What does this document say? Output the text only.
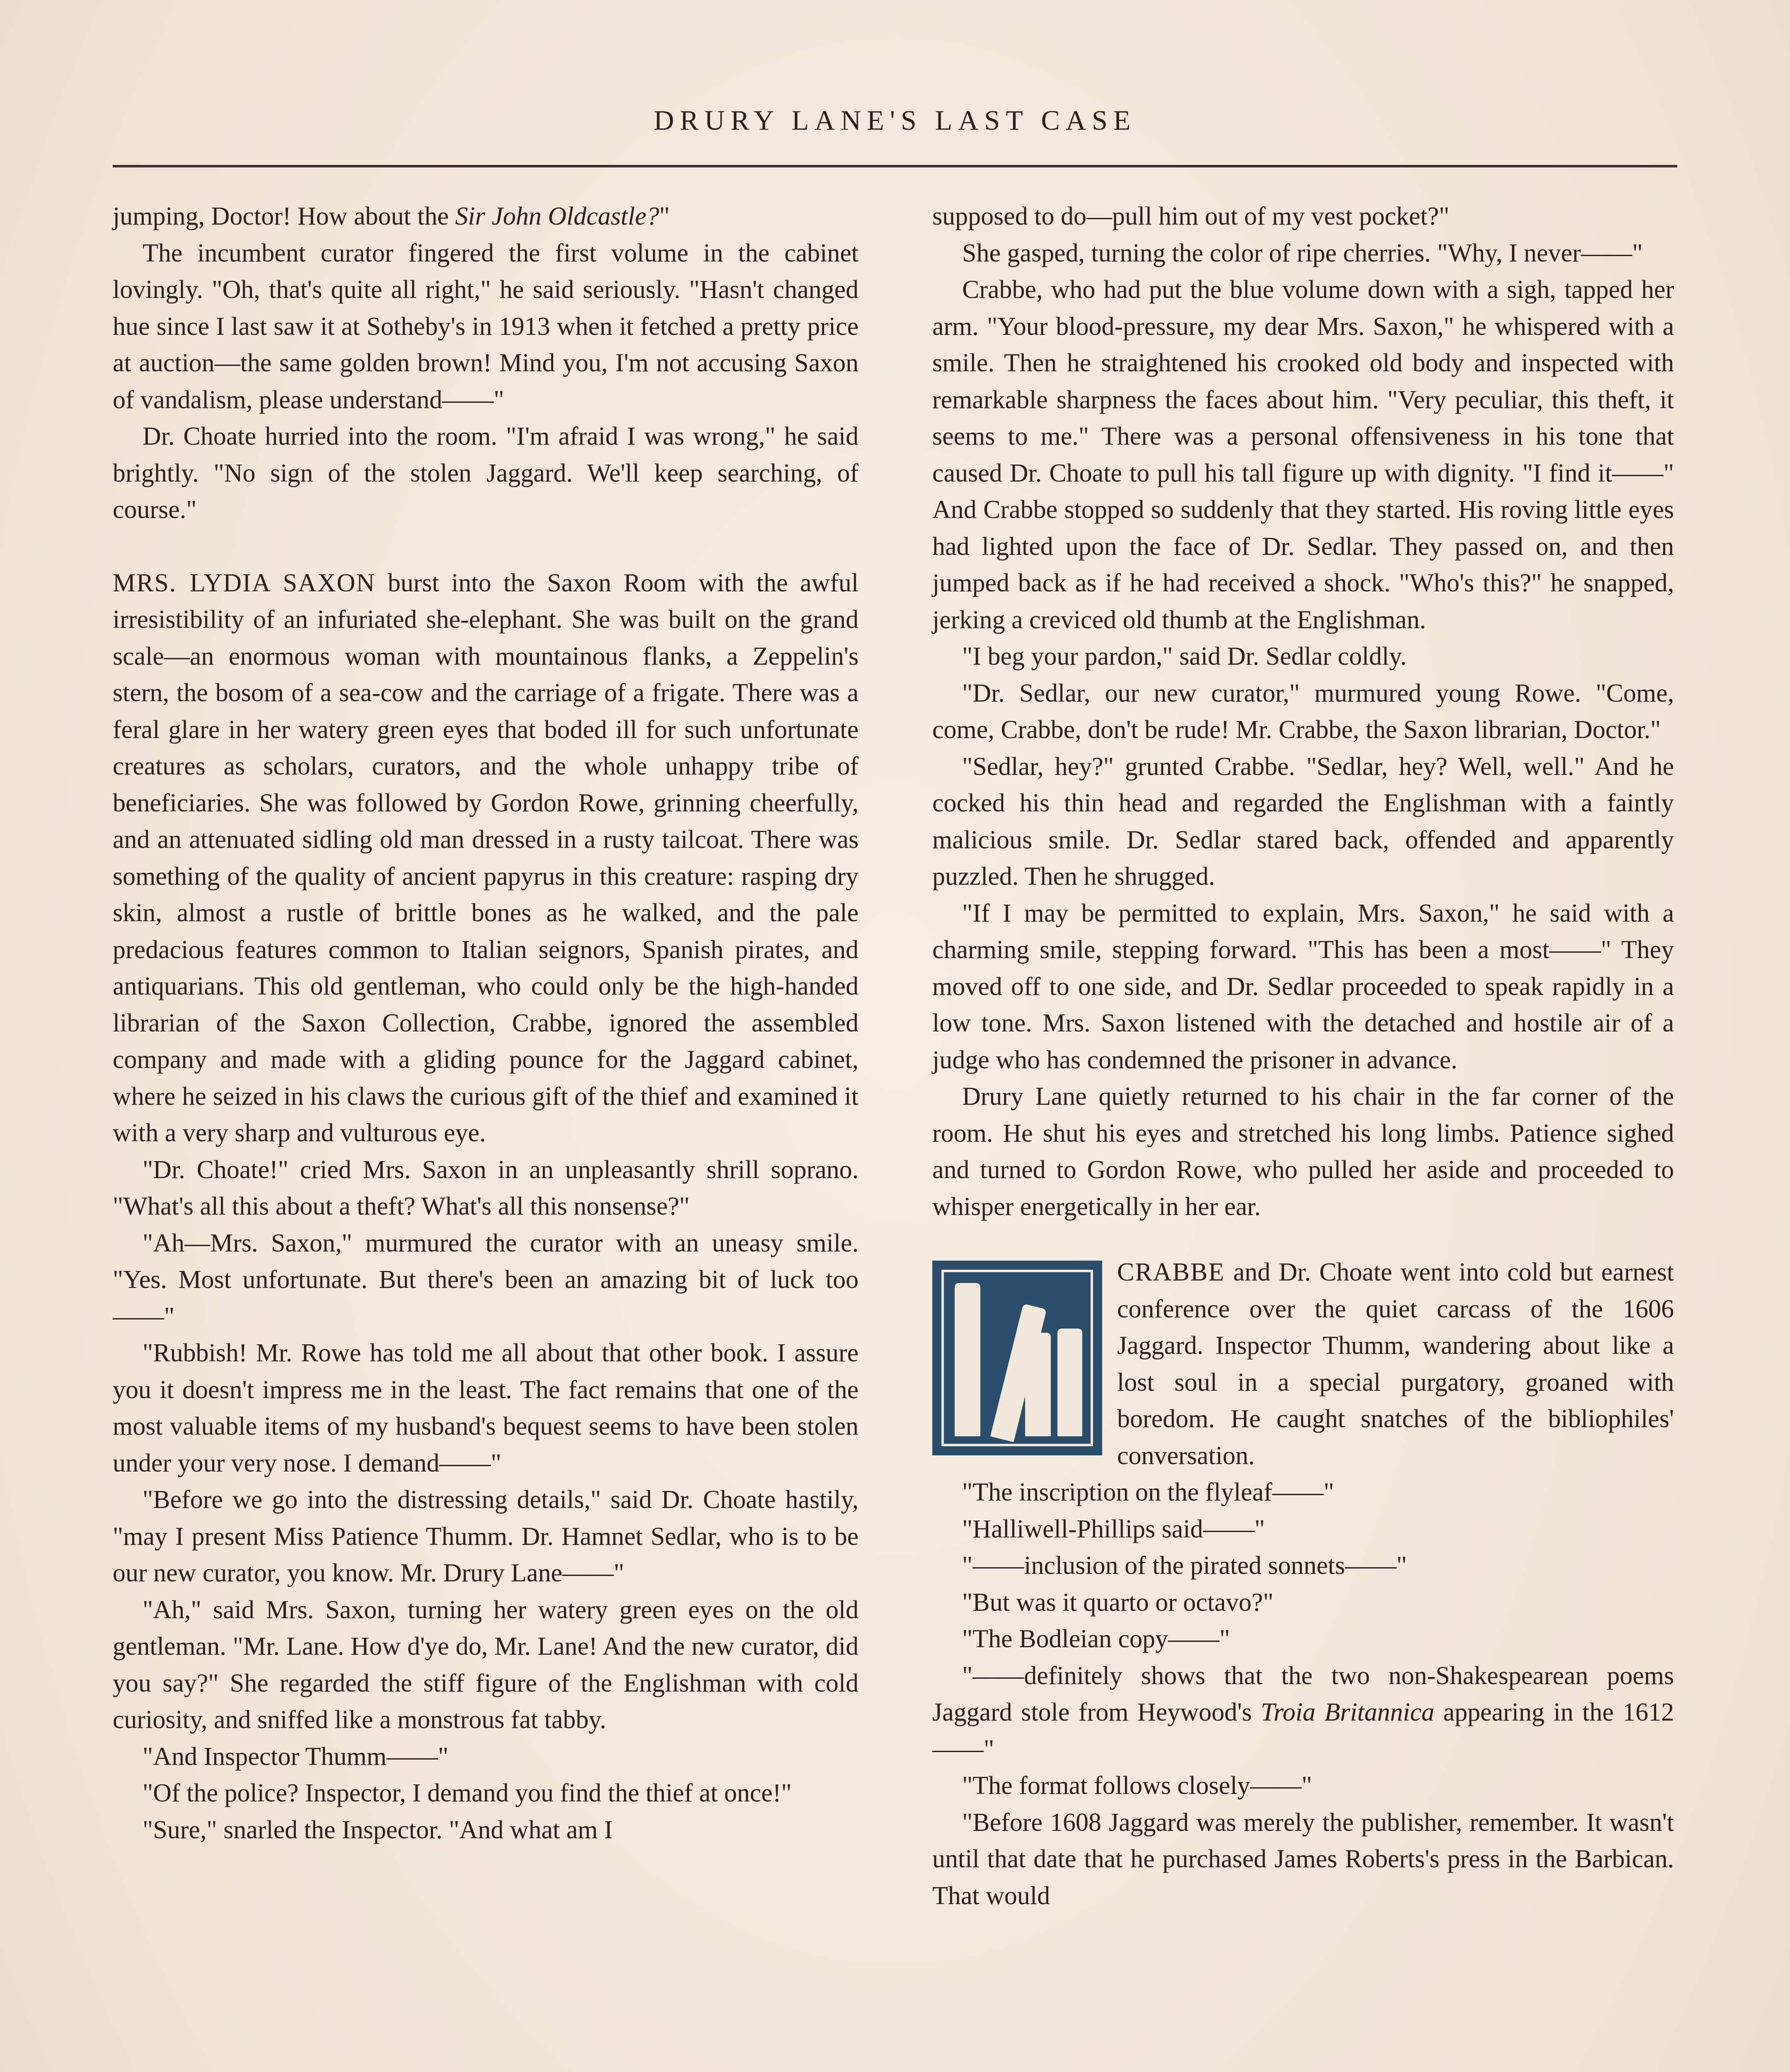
DRURY LANE'S LAST CASE

jumping, Doctor! How about the Sir John Oldcastle?"

The incumbent curator fingered the first volume in the cabinet lovingly. "Oh, that's quite all right," he said seriously. "Hasn't changed hue since I last saw it at Sotheby's in 1913 when it fetched a pretty price at auction—the same golden brown! Mind you, I'm not accusing Saxon of vandalism, please understand——"

Dr. Choate hurried into the room. "I'm afraid I was wrong," he said brightly. "No sign of the stolen Jaggard. We'll keep searching, of course."

MRS. LYDIA SAXON burst into the Saxon Room with the awful irresistibility of an infuriated she-elephant. She was built on the grand scale—an enormous woman with mountainous flanks, a Zeppelin's stern, the bosom of a sea-cow and the carriage of a frigate. There was a feral glare in her watery green eyes that boded ill for such unfortunate creatures as scholars, curators, and the whole unhappy tribe of beneficiaries. She was followed by Gordon Rowe, grinning cheerfully, and an attenuated sidling old man dressed in a rusty tailcoat. There was something of the quality of ancient papyrus in this creature: rasping dry skin, almost a rustle of brittle bones as he walked, and the pale predacious features common to Italian seignors, Spanish pirates, and antiquarians. This old gentleman, who could only be the high-handed librarian of the Saxon Collection, Crabbe, ignored the assembled company and made with a gliding pounce for the Jaggard cabinet, where he seized in his claws the curious gift of the thief and examined it with a very sharp and vulturous eye.

"Dr. Choate!" cried Mrs. Saxon in an unpleasantly shrill soprano. "What's all this about a theft? What's all this nonsense?"

"Ah—Mrs. Saxon," murmured the curator with an uneasy smile. "Yes. Most unfortunate. But there's been an amazing bit of luck too——"

"Rubbish! Mr. Rowe has told me all about that other book. I assure you it doesn't impress me in the least. The fact remains that one of the most valuable items of my husband's bequest seems to have been stolen under your very nose. I demand——"

"Before we go into the distressing details," said Dr. Choate hastily, "may I present Miss Patience Thumm. Dr. Hamnet Sedlar, who is to be our new curator, you know. Mr. Drury Lane——"

"Ah," said Mrs. Saxon, turning her watery green eyes on the old gentleman. "Mr. Lane. How d'ye do, Mr. Lane! And the new curator, did you say?" She regarded the stiff figure of the Englishman with cold curiosity, and sniffed like a monstrous fat tabby.

"And Inspector Thumm——"

"Of the police? Inspector, I demand you find the thief at once!"

"Sure," snarled the Inspector. "And what am I

supposed to do—pull him out of my vest pocket?"

She gasped, turning the color of ripe cherries. "Why, I never——"

Crabbe, who had put the blue volume down with a sigh, tapped her arm. "Your blood-pressure, my dear Mrs. Saxon," he whispered with a smile. Then he straightened his crooked old body and inspected with remarkable sharpness the faces about him. "Very peculiar, this theft, it seems to me." There was a personal offensiveness in his tone that caused Dr. Choate to pull his tall figure up with dignity. "I find it——" And Crabbe stopped so suddenly that they started. His roving little eyes had lighted upon the face of Dr. Sedlar. They passed on, and then jumped back as if he had received a shock. "Who's this?" he snapped, jerking a creviced old thumb at the Englishman.

"I beg your pardon," said Dr. Sedlar coldly.

"Dr. Sedlar, our new curator," murmured young Rowe. "Come, come, Crabbe, don't be rude! Mr. Crabbe, the Saxon librarian, Doctor."

"Sedlar, hey?" grunted Crabbe. "Sedlar, hey? Well, well." And he cocked his thin head and regarded the Englishman with a faintly malicious smile. Dr. Sedlar stared back, offended and apparently puzzled. Then he shrugged.

"If I may be permitted to explain, Mrs. Saxon," he said with a charming smile, stepping forward. "This has been a most——" They moved off to one side, and Dr. Sedlar proceeded to speak rapidly in a low tone. Mrs. Saxon listened with the detached and hostile air of a judge who has condemned the prisoner in advance.

Drury Lane quietly returned to his chair in the far corner of the room. He shut his eyes and stretched his long limbs. Patience sighed and turned to Gordon Rowe, who pulled her aside and proceeded to whisper energetically in her ear.

CRABBE and Dr. Choate went into cold but earnest conference over the quiet carcass of the 1606 Jaggard. Inspector Thumm, wandering about like a lost soul in a special purgatory, groaned with boredom. He caught snatches of the bibliophiles' conversation.

"The inscription on the flyleaf——"

"Halliwell-Phillips said——"

"——inclusion of the pirated sonnets——"

"But was it quarto or octavo?"

"The Bodleian copy——"

"——definitely shows that the two non-Shakespearean poems Jaggard stole from Heywood's Troia Britannica appearing in the 1612——"

"The format follows closely——"

"Before 1608 Jaggard was merely the publisher, remember. It wasn't until that date that he purchased James Roberts's press in the Barbican. That would
